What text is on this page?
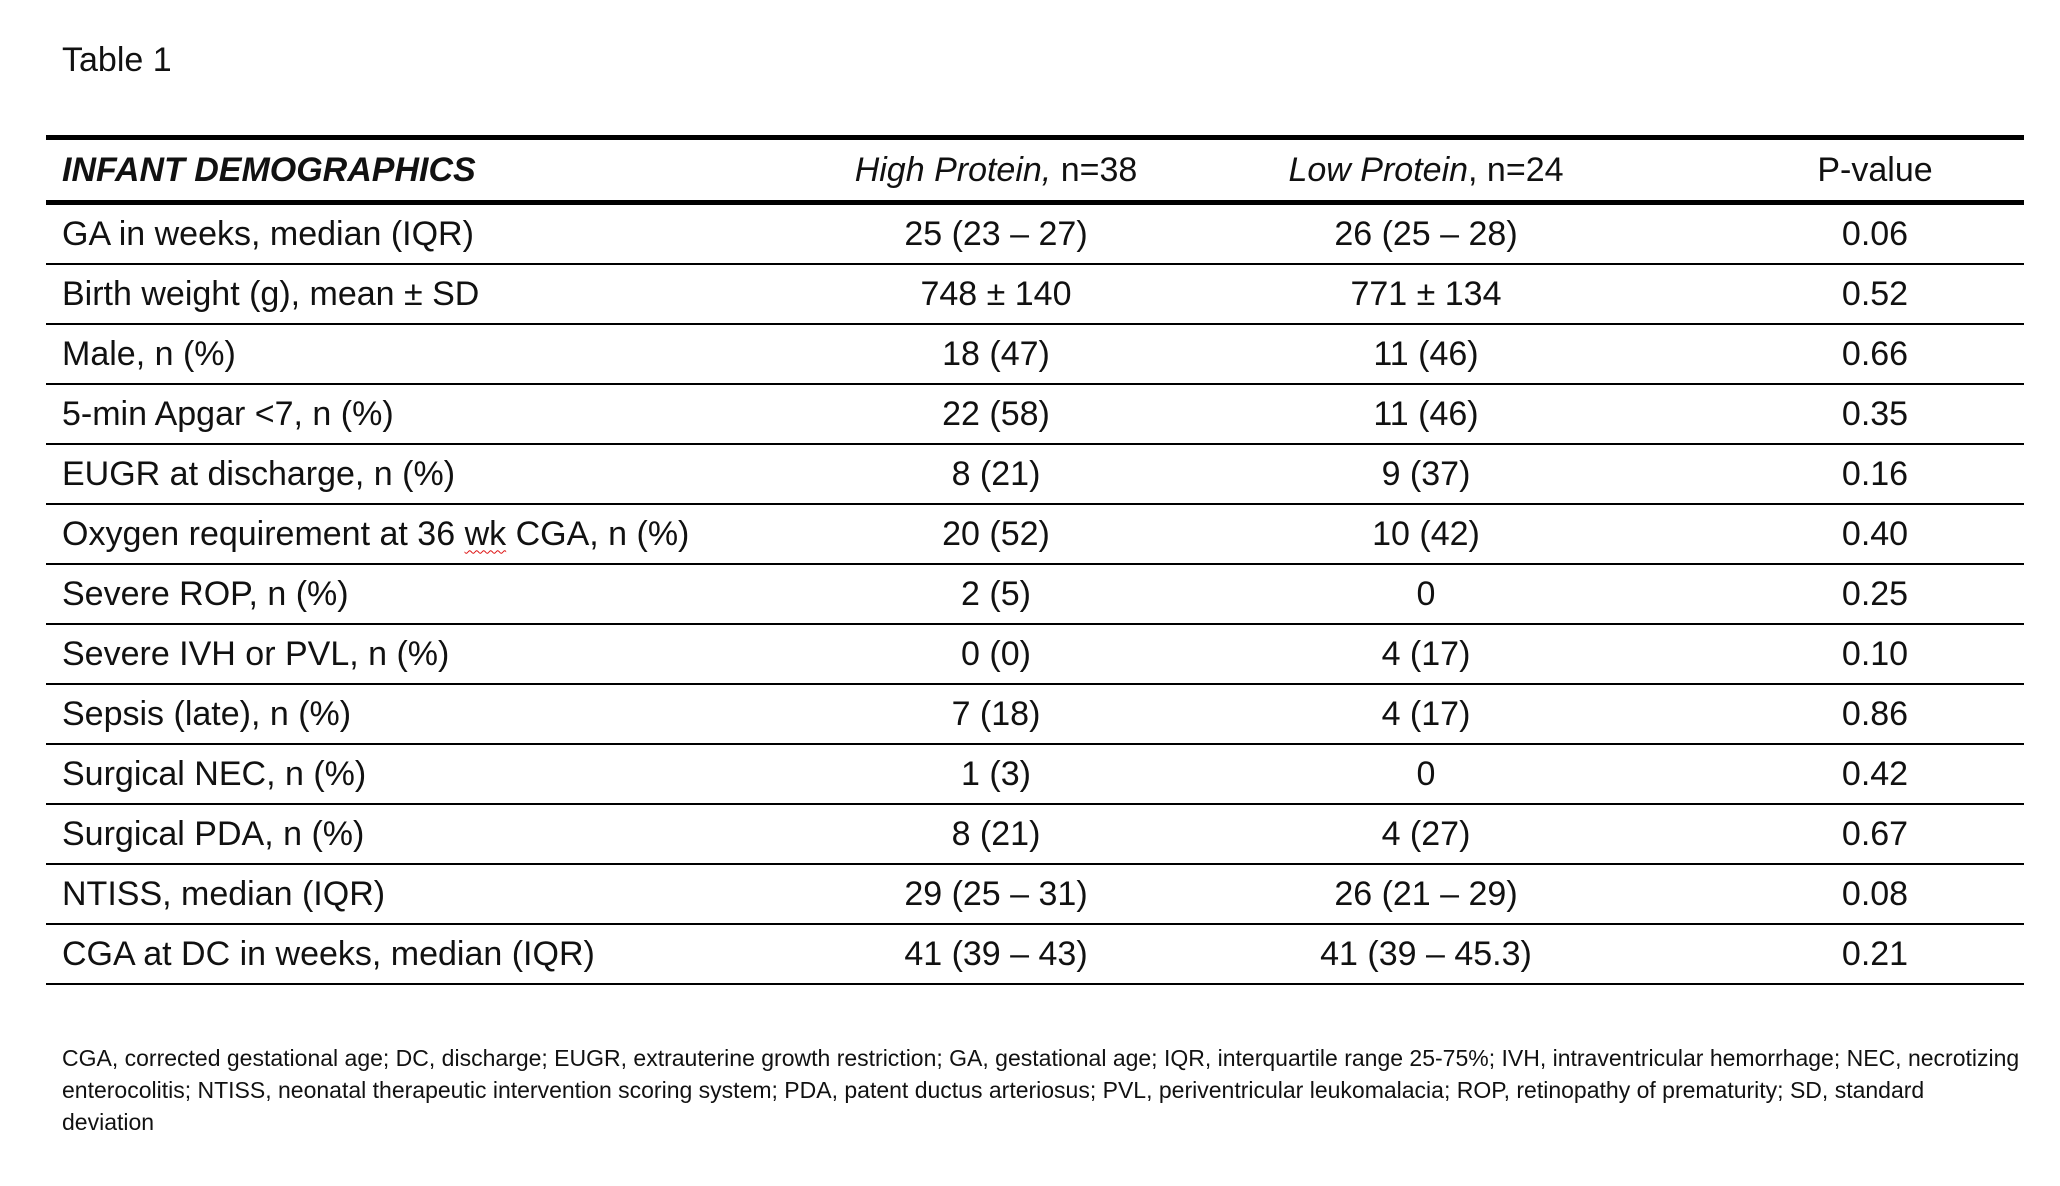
Table 1
INFANT DEMOGRAPHICS	High Protein, n=38	Low Protein, n=24	P-value
GA in weeks, median (IQR)	25 (23 – 27)	26 (25 – 28)	0.06
Birth weight (g), mean ± SD	748 ± 140	771 ± 134	0.52
Male, n (%)	18 (47)	11 (46)	0.66
5-min Apgar <7, n (%)	22 (58)	11 (46)	0.35
EUGR at discharge, n (%)	8 (21)	9 (37)	0.16
Oxygen requirement at 36 wk CGA, n (%)	20 (52)	10 (42)	0.40
Severe ROP, n (%)	2 (5)	0	0.25
Severe IVH or PVL, n (%)	0 (0)	4 (17)	0.10
Sepsis (late), n (%)	7 (18)	4 (17)	0.86
Surgical NEC, n (%)	1 (3)	0	0.42
Surgical PDA, n (%)	8 (21)	4 (27)	0.67
NTISS, median (IQR)	29 (25 – 31)	26 (21 – 29)	0.08
CGA at DC in weeks, median (IQR)	41 (39 – 43)	41 (39 – 45.3)	0.21

CGA, corrected gestational age; DC, discharge; EUGR, extrauterine growth restriction; GA, gestational age; IQR, interquartile range 25-75%; IVH, intraventricular hemorrhage; NEC, necrotizing enterocolitis; NTISS, neonatal therapeutic intervention scoring system; PDA, patent ductus arteriosus; PVL, periventricular leukomalacia; ROP, retinopathy of prematurity; SD, standard deviation
